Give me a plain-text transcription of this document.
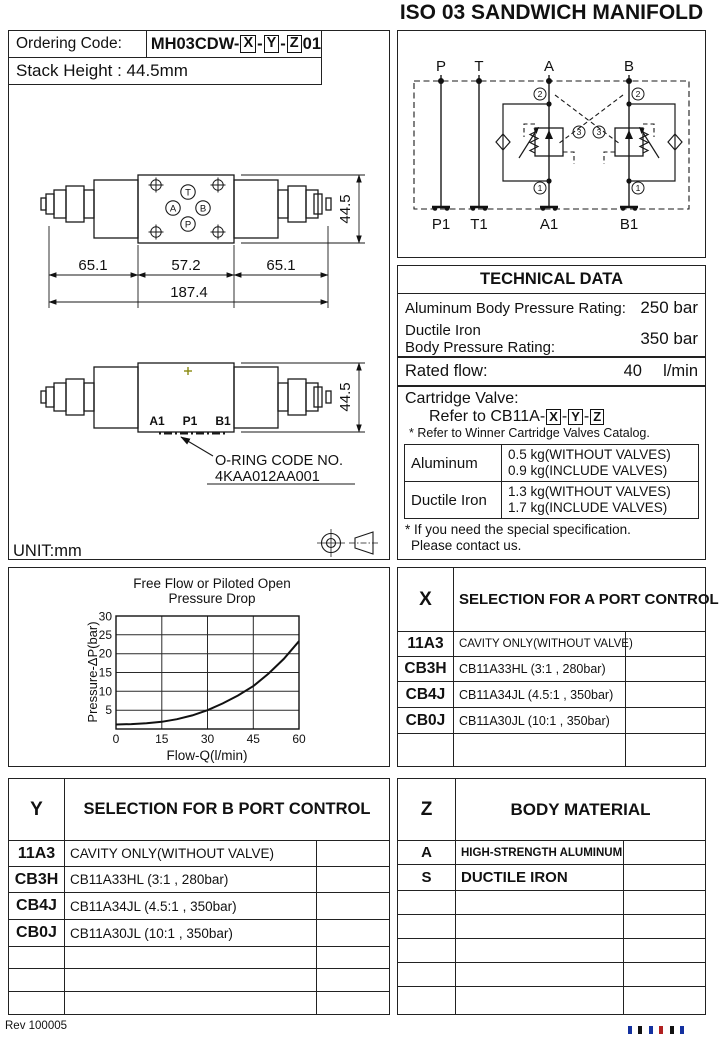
ISO 03 SANDWICH MANIFOLD
Ordering Code:	MH03CDW- X - Y - Z 01
Stack Height : 44.5mm
T
A B
P
65.1	57.2	65.1
187.4
44.5
A1 P1 B1
O-RING CODE NO.
4KAA012AA001
44.5
UNIT:mm
2	2
3 3
1	1
P T	A	B
P1 T1	A1	B1
TECHNICAL DATA
Aluminum Body Pressure Rating: 250 bar
Ductile Iron
Body Pressure Rating:	350 bar
Rated flow:	40 l/min
Cartridge Valve:
Refer to CB11A- X - Y - Z
* Refer to Winner Cartridge Valves Catalog.
Aluminum	0.5 kg(WITHOUT VALVES)
0.9 kg(INCLUDE VALVES)
Ductile Iron	1.3 kg(WITHOUT VALVES)
1.7 kg(INCLUDE VALVES)
* If you need the special specification.
Please contact us.
Free Flow or Piloted Open
Pressure Drop
5
10
15
20
25
30
0	15	30	45	60
Flow-Q(l/min)
Pressure-ΔP(bar)
X	SELECTION FOR A PORT CONTROL	
11A3	CAVITY ONLY(WITHOUT VALVE)	
CB3H	CB11A33HL (3:1 , 280bar)	
CB4J	CB11A34JL (4.5:1 , 350bar)	
CB0J	CB11A30JL (10:1 , 350bar)	

Y	SELECTION FOR B PORT CONTROL	
11A3	CAVITY ONLY(WITHOUT VALVE)	
CB3H	CB11A33HL (3:1 , 280bar)	
CB4J	CB11A34JL (4.5:1 , 350bar)	
CB0J	CB11A30JL (10:1 , 350bar)	

Z	BODY MATERIAL	
A	HIGH-STRENGTH ALUMINUM	
S	DUCTILE IRON	

Rev 100005
